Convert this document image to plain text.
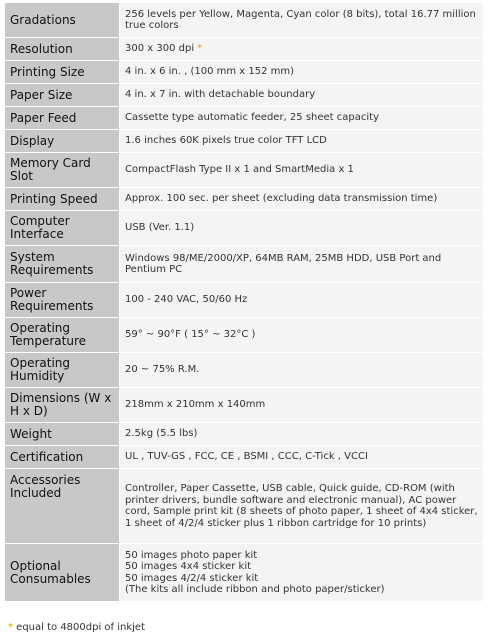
Gradations	256 levels per Yellow, Magenta, Cyan color (8 bits), total 16.77 million true colors
Resolution	300 x 300 dpi *
Printing Size	4 in. x 6 in. , (100 mm x 152 mm)
Paper Size	4 in. x 7 in. with detachable boundary
Paper Feed	Cassette type automatic feeder, 25 sheet capacity
Display	1.6 inches 60K pixels true color TFT LCD
Memory Card Slot	CompactFlash Type II x 1 and SmartMedia x 1
Printing Speed	Approx. 100 sec. per sheet (excluding data transmission time)
Computer Interface	USB (Ver. 1.1)
System Requirements	Windows 98/ME/2000/XP, 64MB RAM, 25MB HDD, USB Port and Pentium PC
Power Requirements	100 - 240 VAC, 50/60 Hz
Operating Temperature	59° ~ 90°F ( 15° ~ 32°C )
Operating Humidity	20 ~ 75% R.M.
Dimensions (W x H x D)	218mm x 210mm x 140mm
Weight	2.5kg (5.5 lbs)
Certification	UL , TUV-GS , FCC, CE , BSMI , CCC, C-Tick , VCCI
Accessories Included	Controller, Paper Cassette, USB cable, Quick guide, CD-ROM (with printer drivers, bundle software and electronic manual), AC power cord, Sample print kit (8 sheets of photo paper, 1 sheet of 4x4 sticker, 1 sheet of 4/2/4 sticker plus 1 ribbon cartridge for 10 prints)
Optional Consumables	50 images photo paper kit
50 images 4x4 sticker kit
50 images 4/2/4 sticker kit
(The kits all include ribbon and photo paper/sticker)
* equal to 4800dpi of inkjet
